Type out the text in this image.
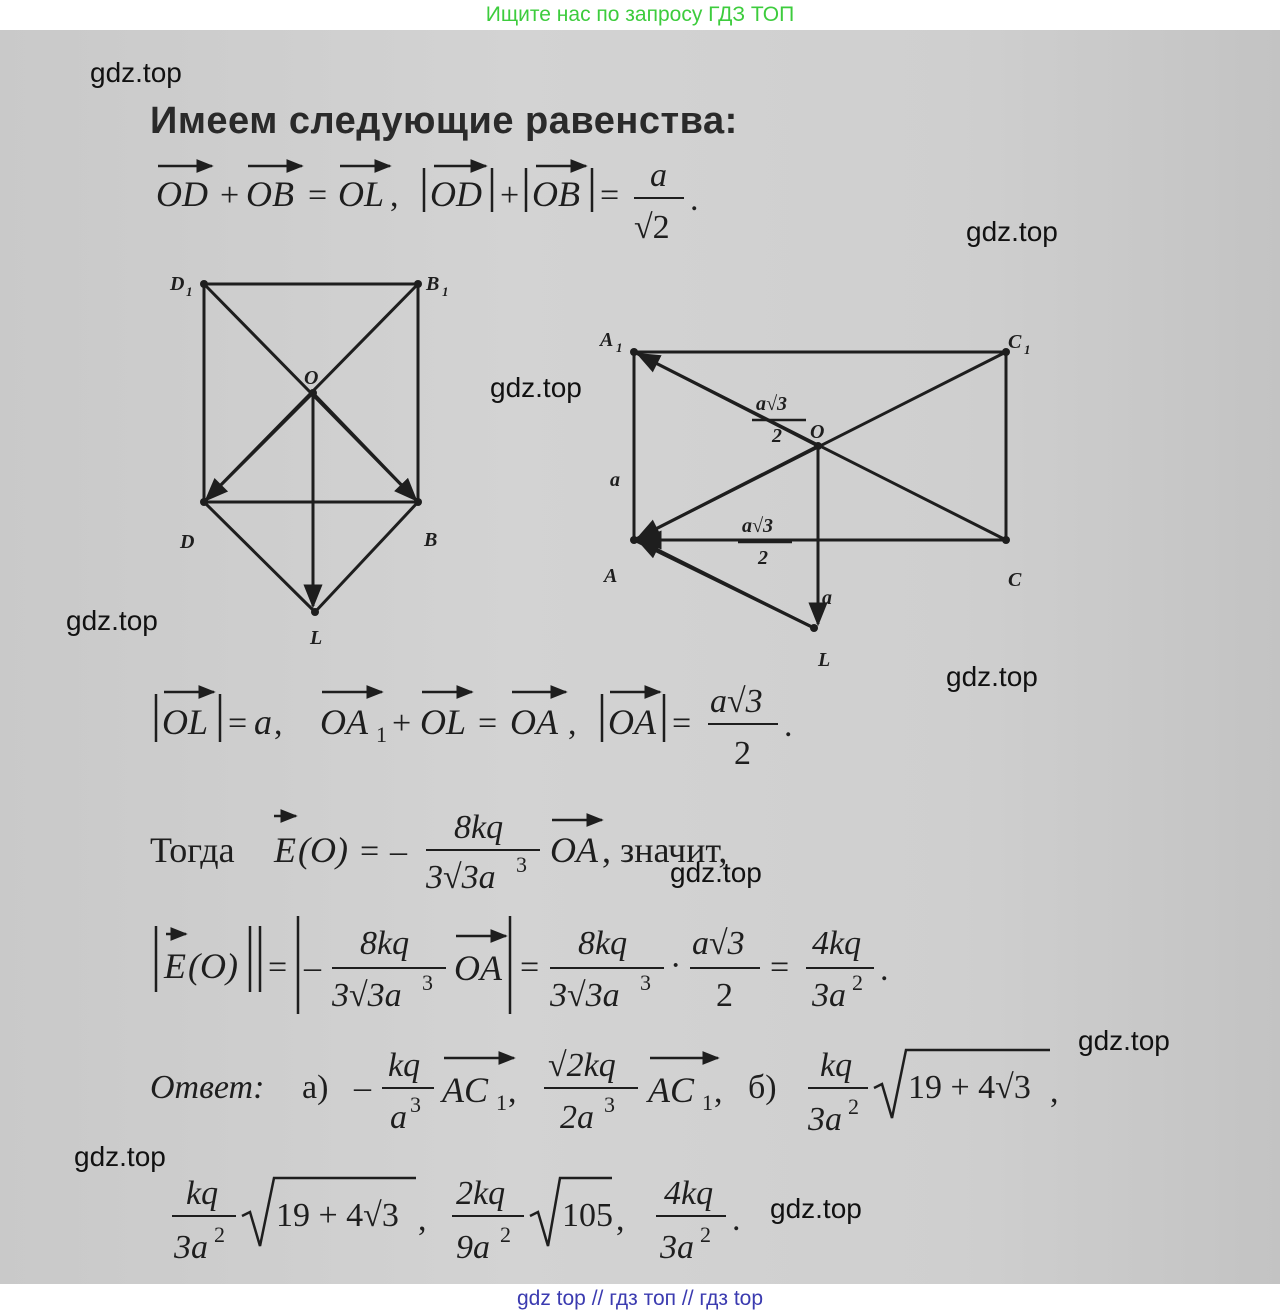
Ищите нас по запросу ГДЗ ТОП
gdz.top
gdz.top
gdz.top
gdz.top
gdz.top
gdz.top
gdz.top
gdz.top
gdz.top
Имеем следующие равенства:
OD + OB = OL , OD + OB =
a
√2
.
D 1	B 1
O
D	B
L
A 1	C 1
O
A	C
L
a
a
a√3
2
a√3
2
OL = a , OA 1 + OL = OA , OA =
a√3
2
.
Тогда E (O) = –
8kq
3√3a 3 OA , значит,
E (O) = –
8kq
3√3a 3 OA =
8kq
3√3a 3 ·
a√3
2
=
4kq
3a 2 .
Ответ: а) –
kq
a 3 AC 1 ,
√2kq
2a 3 AC 1 , б)
kq
3a 2
19 + 4√3 ,
kq
3a 2
19 + 4√3 ,
2kq
9a 2
105 ,
4kq
3a 2 .
gdz top // гдз топ // гдз top
